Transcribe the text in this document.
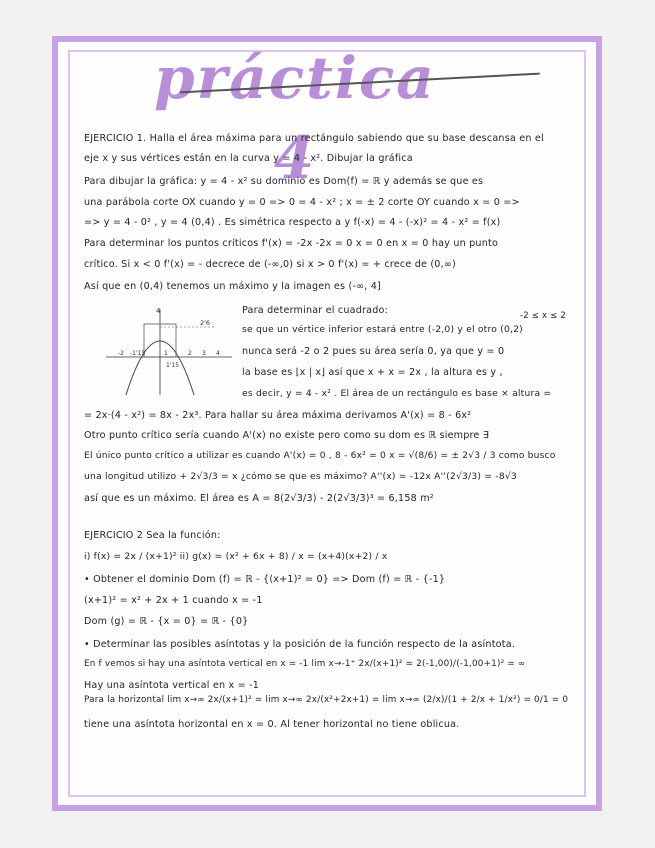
práctica 4
EJERCICIO 1. Halla el área máxima para un rectángulo sabiendo que su base descansa en el
eje x y sus vértices están en la curva y = 4 - x². Dibujar la gráfica
Para dibujar la gráfica: y = 4 - x² su dominio es Dom(f) = ℝ y además se que es
una parábola corte OX cuando y = 0 => 0 = 4 - x² ; x = ± 2 corte OY cuando x = 0 =>
=> y = 4 - 0² , y = 4 (0,4) . Es simétrica respecto a y f(-x) = 4 - (-x)² = 4 - x² = f(x)
Para determinar los puntos críticos f'(x) = -2x -2x = 0 x = 0 en x = 0 hay un punto
crítico. Si x < 0 f'(x) = - decrece de (-∞,0) si x > 0 f'(x) = + crece de (0,∞)
Así que en (0,4) tenemos un máximo y la imagen es (-∞, 4]
Para determinar el cuadrado:	-2 ≤ x ≤ 2
se que un vértice inferior estará entre (-2,0) y el otro (0,2)
nunca será -2 o 2 pues su área sería 0, ya que y = 0
la base es ⌊x | x⌋ así que x + x = 2x , la altura es y ,
es decir, y = 4 - x² . El área de un rectángulo es base × altura =
4
2'6
-2 -1'15	1	2
1'15
3 4
= 2x·(4 - x²) = 8x - 2x³. Para hallar su área máxima derivamos A'(x) = 8 - 6x²
Otro punto crítico sería cuando A'(x) no existe pero como su dom es ℝ siempre ∃
El único punto crítico a utilizar es cuando A'(x) = 0 , 8 - 6x² = 0 x = √(8/6) = ± 2√3 / 3 como busco
una longitud utilizo + 2√3/3 = x ¿cómo se que es máximo? A''(x) = -12x A''(2√3/3) = -8√3
así que es un máximo. El área es A = 8(2√3/3) - 2(2√3/3)³ = 6,158 m²
EJERCICIO 2 Sea la función:
i) f(x) = 2x / (x+1)² ii) g(x) = (x² + 6x + 8) / x = (x+4)(x+2) / x
• Obtener el dominio Dom (f) = ℝ - {(x+1)² = 0} => Dom (f) = ℝ - {-1}
(x+1)² = x² + 2x + 1 cuando x = -1
Dom (g) = ℝ - {x = 0} = ℝ - {0}
• Determinar las posibles asíntotas y la posición de la función respecto de la asíntota.
En f vemos si hay una asíntota vertical en x = -1 lim x→-1⁺ 2x/(x+1)² = 2(-1,00)/(-1,00+1)² = ∞
Hay una asíntota vertical en x = -1
Para la horizontal lim x→∞ 2x/(x+1)² = lim x→∞ 2x/(x²+2x+1) = lim x→∞ (2/x)/(1 + 2/x + 1/x²) = 0/1 = 0
tiene una asíntota horizontal en x = 0. Al tener horizontal no tiene oblicua.
